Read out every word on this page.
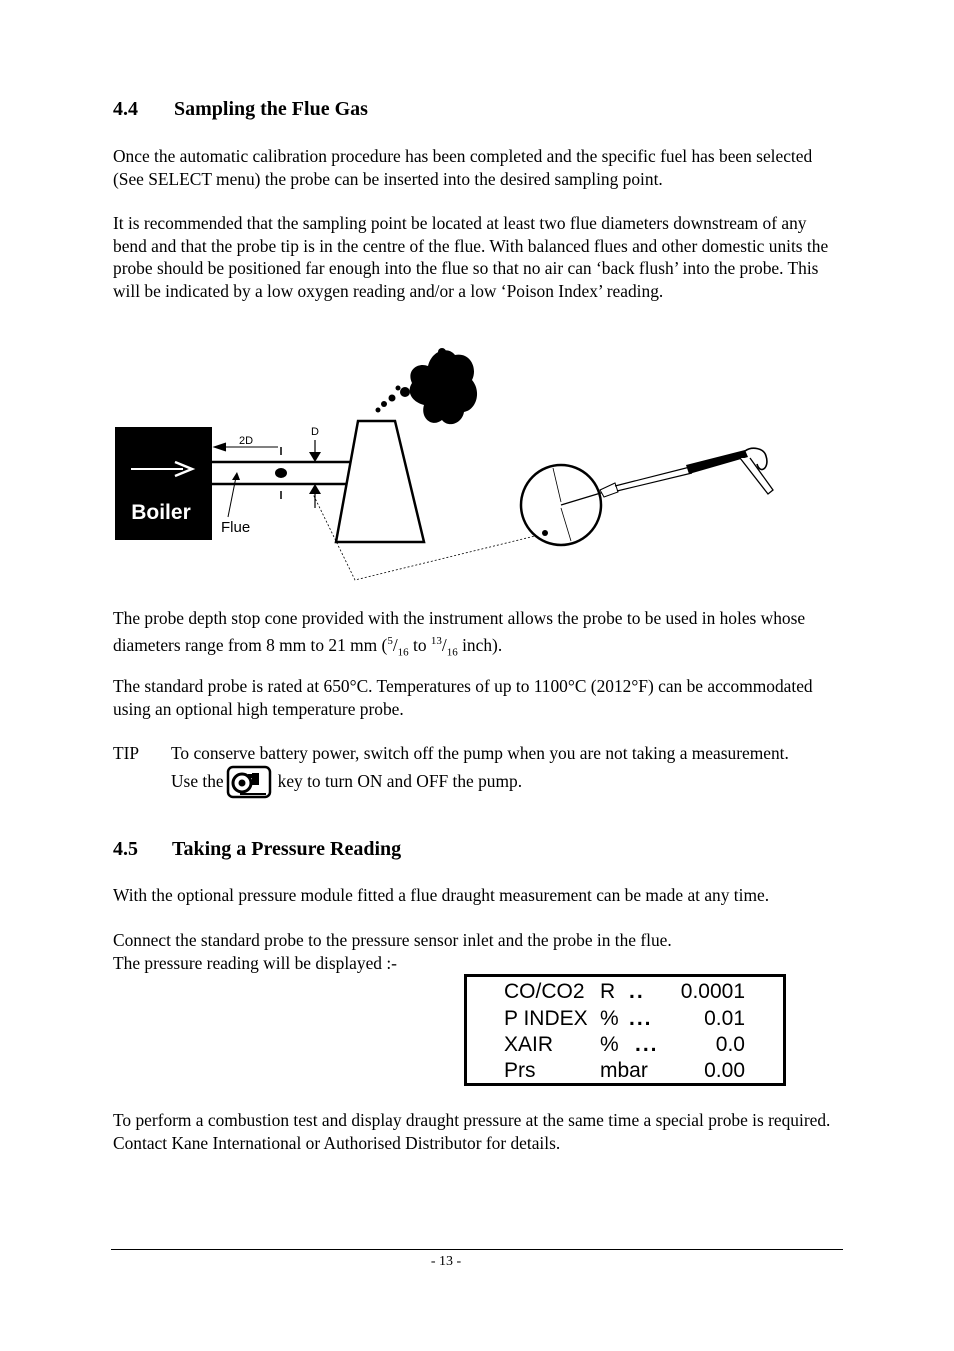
4.4 Sampling the Flue Gas
Once the automatic calibration procedure has been completed and the specific fuel has been selected (See SELECT menu) the probe can be inserted into the desired sampling point.
It is recommended that the sampling point be located at least two flue diameters downstream of any bend and that the probe tip is in the centre of the flue. With balanced flues and other domestic units the probe should be positioned far enough into the flue so that no air can ‘back flush’ into the probe. This will be indicated by a low oxygen reading and/or a low ‘Poison Index’ reading.
Boiler
2D
D
Flue
The probe depth stop cone provided with the instrument allows the probe to be used in holes whose diameters range from 8 mm to 21 mm ($^5/_{16}$ to $^{13}/_{16}$ inch).
The standard probe is rated at 650°C. Temperatures of up to 1100°C (2012°F) can be accommodated using an optional high temperature probe.
TIP To conserve battery power, switch off the pump when you are not taking a measurement. Use the	key to turn ON and OFF the pump.
4.5 Taking a Pressure Reading
With the optional pressure module fitted a flue draught measurement can be made at any time.
Connect the standard probe to the pressure sensor inlet and the probe in the flue.
The pressure reading will be displayed :-
CO/CO2 R .. 0.0001
P INDEX % ... 0.01
XAIR % ...	0.0
Prs	mbar	0.00
To perform a combustion test and display draught pressure at the same time a special probe is required. Contact Kane International or Authorised Distributor for details.
- 13 -
